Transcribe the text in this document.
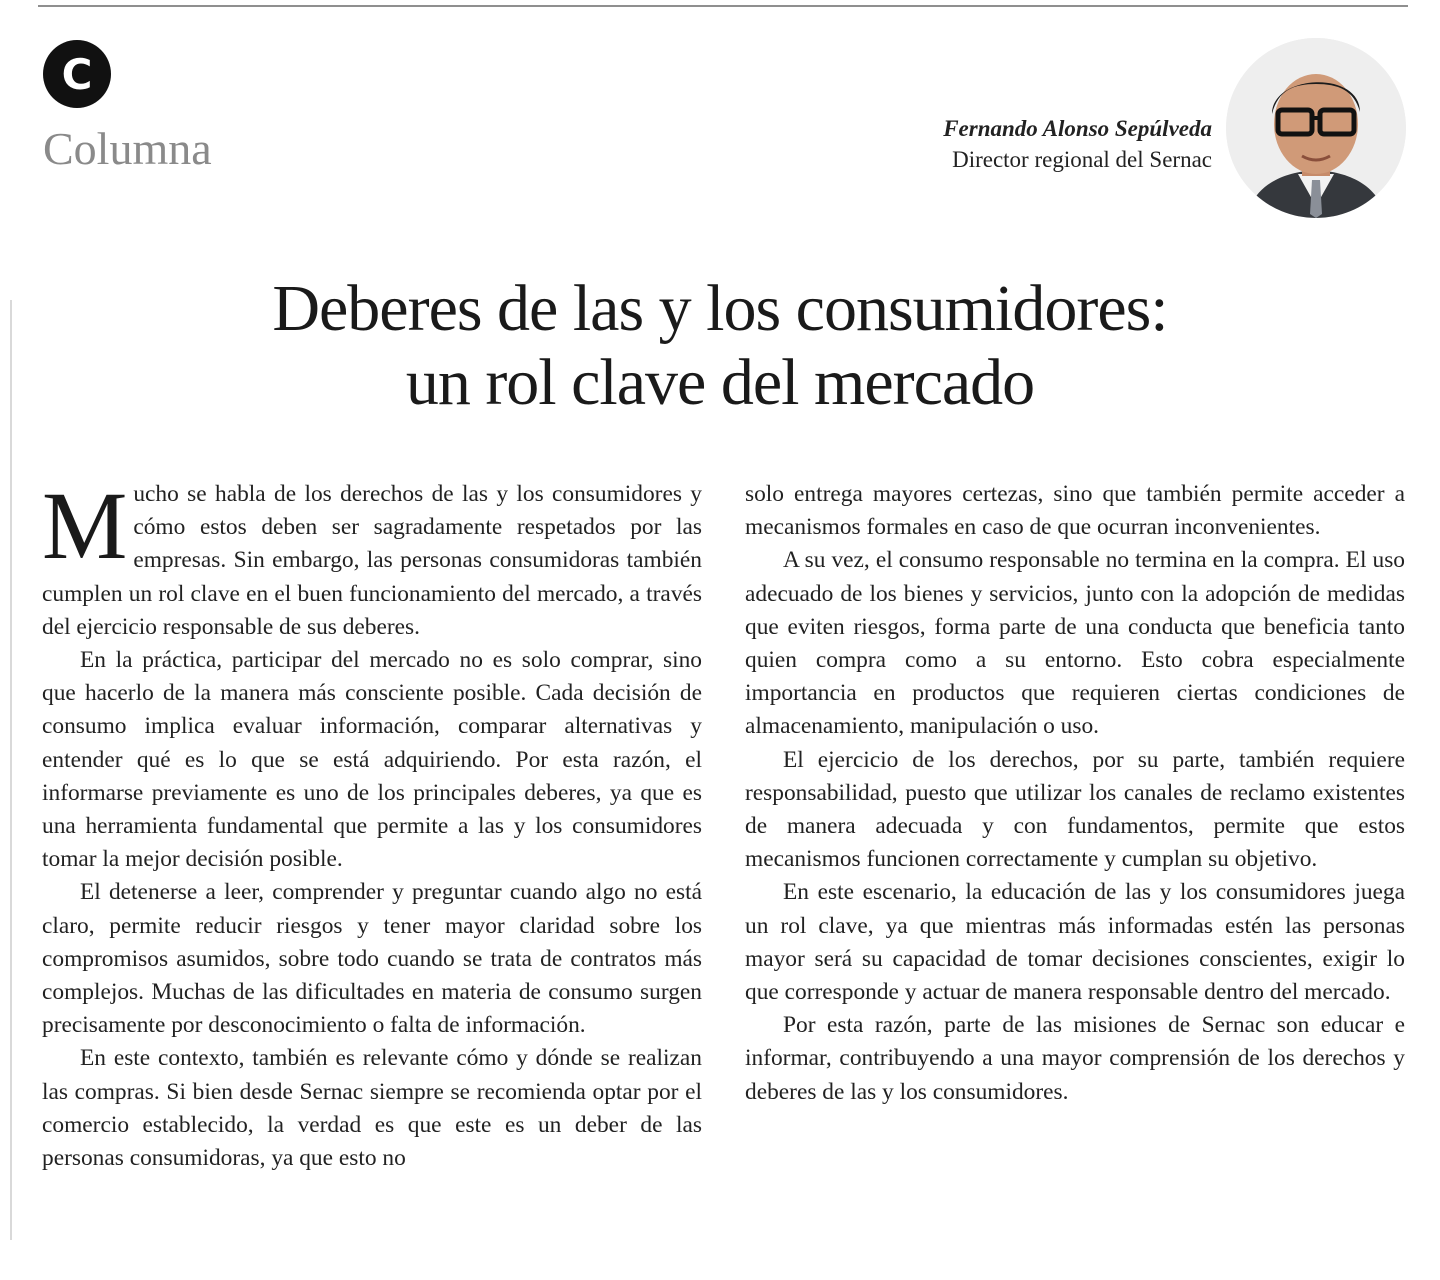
C
Columna	Fernando Alonso Sepúlveda
Director regional del Sernac
Deberes de las y los consumidores:
un rol clave del mercado

Mucho se habla de los derechos de las y los consumidores y cómo estos deben ser sagradamente respetados por las empresas. Sin embargo, las personas consumidoras también cumplen un rol clave en el buen funcionamiento del mercado, a través del ejercicio responsable de sus deberes.

En la práctica, participar del mercado no es solo comprar, sino que hacerlo de la manera más consciente posible. Cada decisión de consumo implica evaluar información, comparar alternativas y entender qué es lo que se está adquiriendo. Por esta razón, el informarse previamente es uno de los principales deberes, ya que es una herramienta fundamental que permite a las y los consumidores tomar la mejor decisión posible.

El detenerse a leer, comprender y preguntar cuando algo no está claro, permite reducir riesgos y tener mayor claridad sobre los compromisos asumidos, sobre todo cuando se trata de contratos más complejos. Muchas de las dificultades en materia de consumo surgen precisamente por desconocimiento o falta de información.

En este contexto, también es relevante cómo y dónde se realizan las compras. Si bien desde Sernac siempre se recomienda optar por el comercio establecido, la verdad es que este es un deber de las personas consumidoras, ya que esto no

solo entrega mayores certezas, sino que también permite acceder a mecanismos formales en caso de que ocurran inconvenientes.

A su vez, el consumo responsable no termina en la compra. El uso adecuado de los bienes y servicios, junto con la adopción de medidas que eviten riesgos, forma parte de una conducta que beneficia tanto quien compra como a su entorno. Esto cobra especialmente importancia en productos que requieren ciertas condiciones de almacenamiento, manipulación o uso.

El ejercicio de los derechos, por su parte, también requiere responsabilidad, puesto que utilizar los canales de reclamo existentes de manera adecuada y con fundamentos, permite que estos mecanismos funcionen correctamente y cumplan su objetivo.

En este escenario, la educación de las y los consumidores juega un rol clave, ya que mientras más informadas estén las personas mayor será su capacidad de tomar decisiones conscientes, exigir lo que corresponde y actuar de manera responsable dentro del mercado.

Por esta razón, parte de las misiones de Sernac son educar e informar, contribuyendo a una mayor comprensión de los derechos y deberes de las y los consumidores.
